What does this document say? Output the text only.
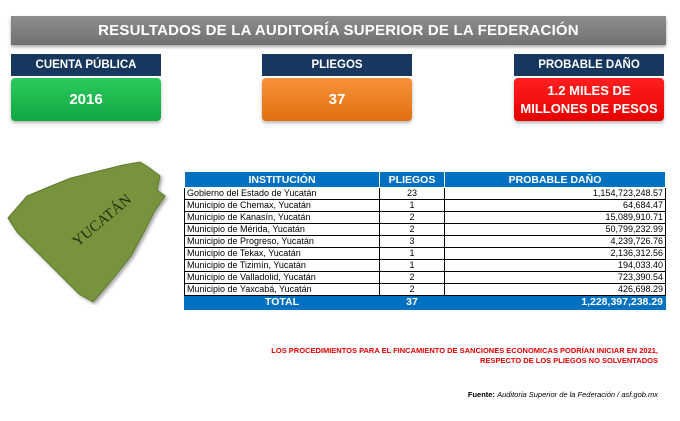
RESULTADOS DE LA AUDITORÍA SUPERIOR DE LA FEDERACIÓN
CUENTA PÚBLICA
2016
PLIEGOS
37
PROBABLE DAÑO
1.2 MILES DE
MILLONES DE PESOS
YUCATÁN
INSTITUCIÓN	PLIEGOS	PROBABLE DAÑO
Gobierno del Estado de Yucatán	23	1,154,723,248.57
Municipio de Chemax, Yucatán	1	64,684.47
Municipio de Kanasín, Yucatán	2	15,089,910.71
Municipio de Mérida, Yucatán	2	50,799,232.99
Municipio de Progreso, Yucatán	3	4,239,726.76
Municipio de Tekax, Yucatán	1	2,136,312.56
Municipio de Tizimín, Yucatán	1	194,033.40
Municipio de Valladolid, Yucatán	2	723,390.54
Municipio de Yaxcabá, Yucatán	2	426,698.29
TOTAL	37	1,228,397,238.29
LOS PROCEDIMIENTOS PARA EL FINCAMIENTO DE SANCIONES ECONOMICAS PODRÍAN INICIAR EN 2021,
RESPECTO DE LOS PLIEGOS NO SOLVENTADOS
Fuente: Auditoria Superior de la Federación / asf.gob.mx
